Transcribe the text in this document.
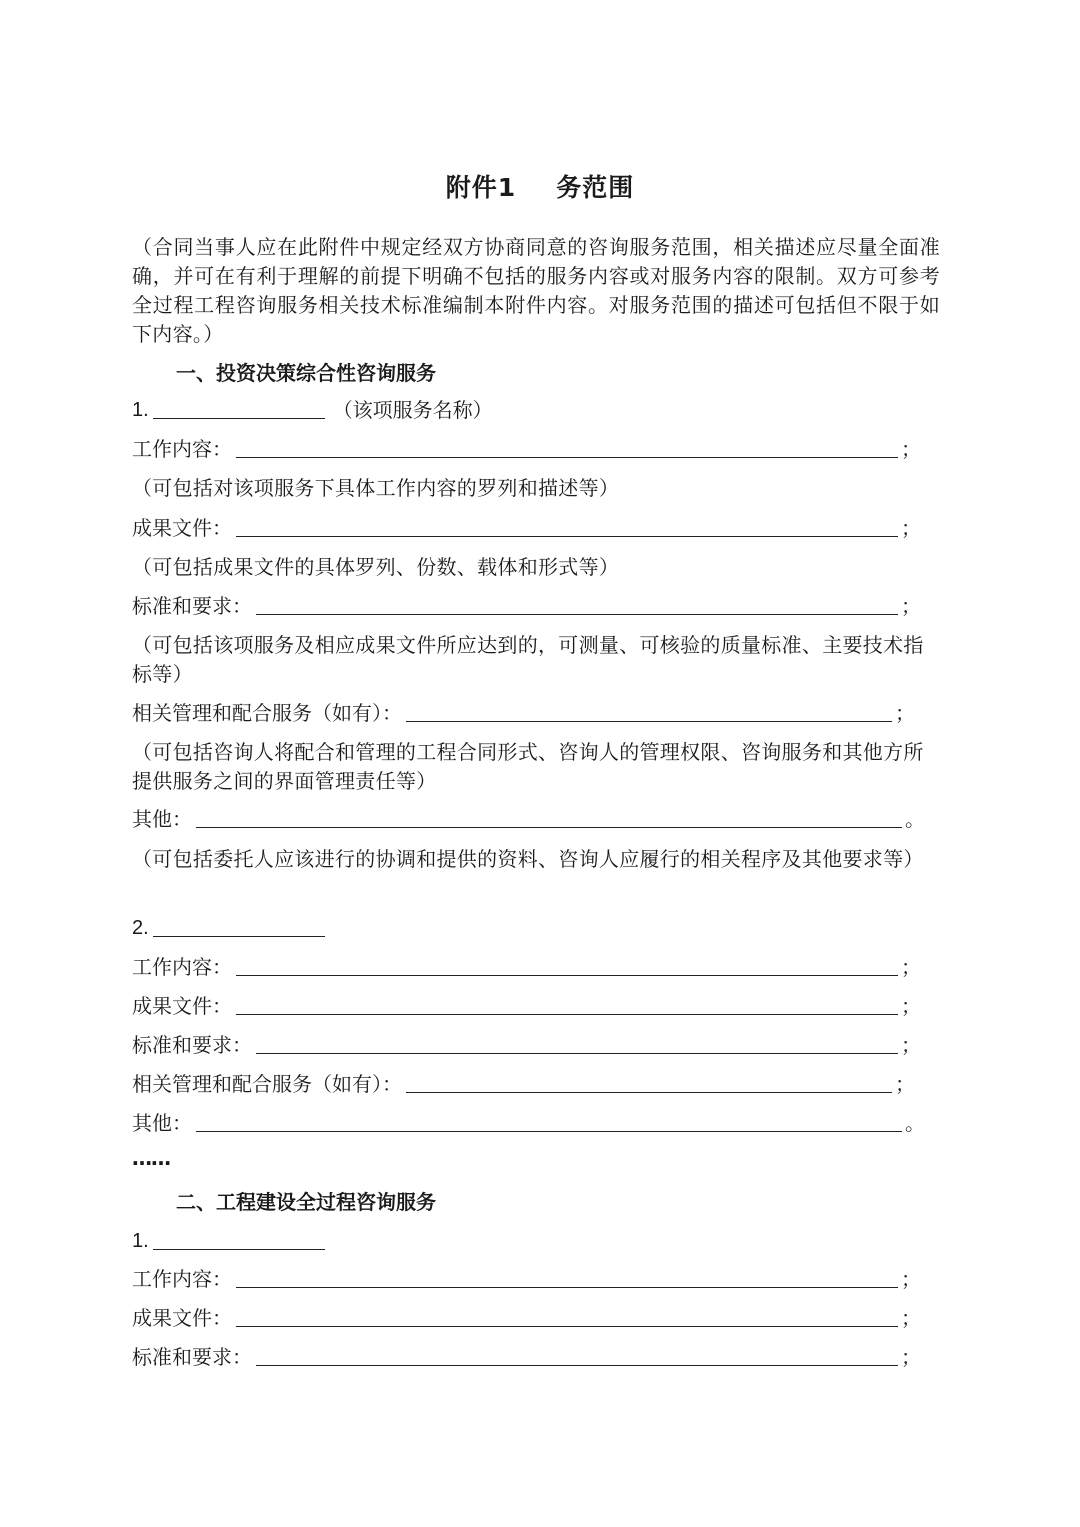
附件1 务范围
（合同当事人应在此附件中规定经双方协商同意的咨询服务范围，相关描述应尽量全面准确，并可在有利于理解的前提下明确不包括的服务内容或对服务内容的限制。双方可参考全过程工程咨询服务相关技术标准编制本附件内容。对服务范围的描述可包括但不限于如下内容。）
一、投资决策综合性咨询服务
1.	（该项服务名称）
工作内容：	；
（可包括对该项服务下具体工作内容的罗列和描述等）
成果文件：	；
（可包括成果文件的具体罗列、份数、载体和形式等）
标准和要求：	；
（可包括该项服务及相应成果文件所应达到的，可测量、可核验的质量标准、主要技术指标等）
相关管理和配合服务（如有）：	；
（可包括咨询人将配合和管理的工程合同形式、咨询人的管理权限、咨询服务和其他方所提供服务之间的界面管理责任等）
其他：	。
（可包括委托人应该进行的协调和提供的资料、咨询人应履行的相关程序及其他要求等）
2.
工作内容：	；
成果文件：	；
标准和要求：	；
相关管理和配合服务（如有）：	；
其他：	。
……
二、工程建设全过程咨询服务
1.
工作内容：	；
成果文件：	；
标准和要求：	；
